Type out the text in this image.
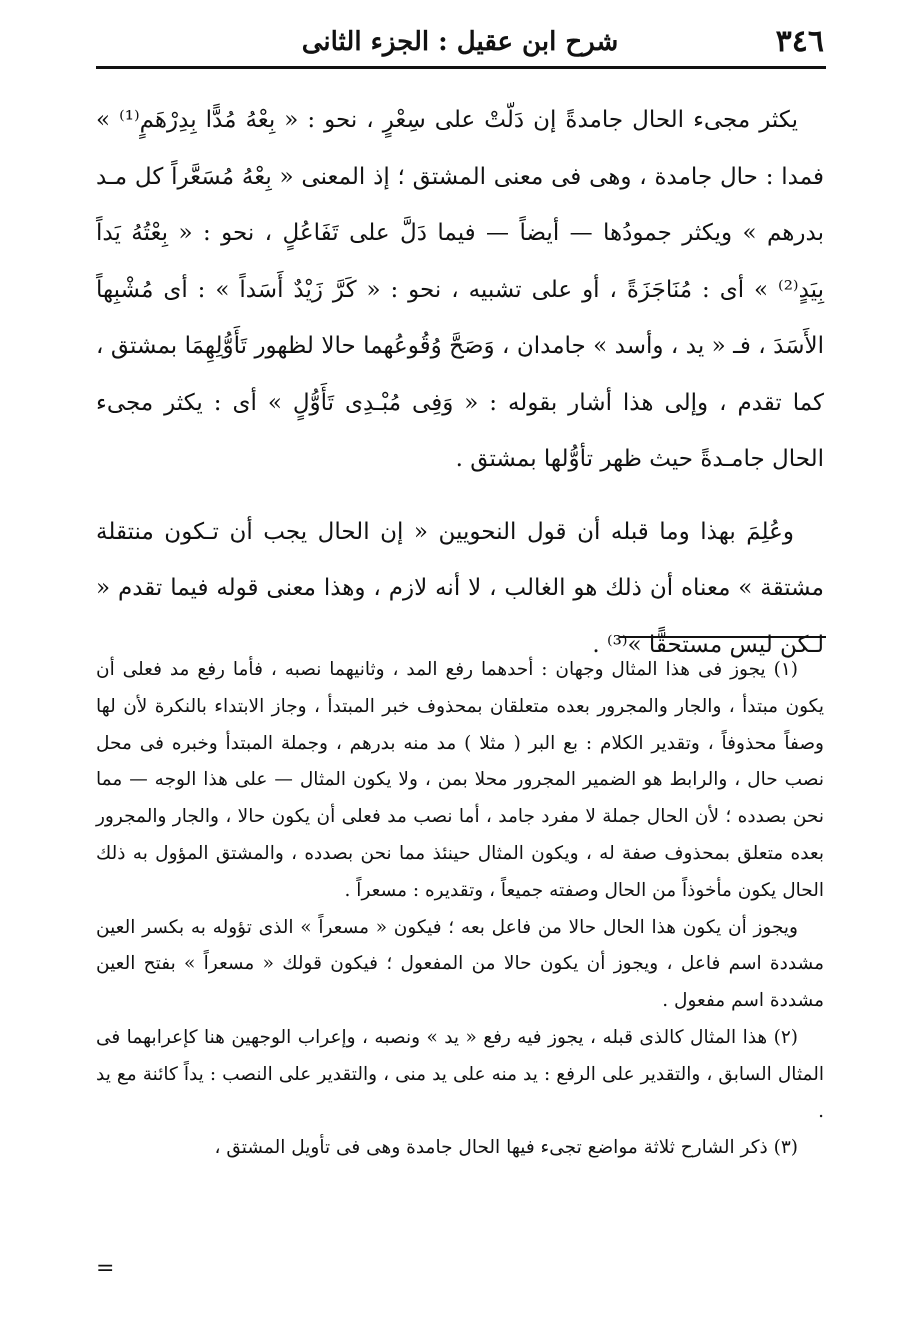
٣٤٦
شرح ابن عقيل : الجزء الثانى

يكثر مجىء الحال جامدةً إن دَلّتْ على سِعْرٍ ، نحو : « بِعْهُ مُدًّا بِدِرْهَمٍ⁽¹⁾ » فمدا : حال جامدة ، وهى فى معنى المشتق ؛ إذ المعنى « بِعْهُ مُسَعَّراً كل مـد بدرهم » ويكثر جمودُها — أيضاً — فيما دَلَّ على تَفَاعُلٍ ، نحو : « بِعْتُهُ يَداً بِيَدٍ⁽²⁾ » أى : مُنَاجَزَةً ، أو على تشبيه ، نحو : « كَرَّ زَيْدٌ أَسَداً » : أى مُشْبِهاً الأَسَدَ ، فـ « يد ، وأسد » جامدان ، وَصَحَّ وُقُوعُهما حالا لظهور تَأَوُّلِهِمَا بمشتق ، كما تقدم ، وإلى هذا أشار بقوله : « وَفِى مُبْـدِى تَأَوُّلٍ » أى : يكثر مجىء الحال جامـدةً حيث ظهر تأوُّلها بمشتق .

وعُلِمَ بهذا وما قبله أن قول النحويين « إن الحال يجب أن تـكون منتقلة مشتقة » معناه أن ذلك هو الغالب ، لا أنه لازم ، وهذا معنى قوله فيما تقدم « لـكن ليس مستحقًّا »⁽³⁾ .

(١) يجوز فى هذا المثال وجهان : أحدهما رفع المد ، وثانيهما نصبه ، فأما رفع مد فعلى أن يكون مبتدأ ، والجار والمجرور بعده متعلقان بمحذوف خبر المبتدأ ، وجاز الابتداء بالنكرة لأن لها وصفاً محذوفاً ، وتقدير الكلام : بع البر ( مثلا ) مد منه بدرهم ، وجملة المبتدأ وخبره فى محل نصب حال ، والرابط هو الضمير المجرور محلا بمن ، ولا يكون المثال — على هذا الوجه — مما نحن بصدده ؛ لأن الحال جملة لا مفرد جامد ، أما نصب مد فعلى أن يكون حالا ، والجار والمجرور بعده متعلق بمحذوف صفة له ، ويكون المثال حينئذ مما نحن بصدده ، والمشتق المؤول به ذلك الحال يكون مأخوذاً من الحال وصفته جميعاً ، وتقديره : مسعراً .

ويجوز أن يكون هذا الحال حالا من فاعل بعه ؛ فيكون « مسعراً » الذى تؤوله به بكسر العين مشددة اسم فاعل ، ويجوز أن يكون حالا من المفعول ؛ فيكون قولك « مسعراً » بفتح العين مشددة اسم مفعول .

(٢) هذا المثال كالذى قبله ، يجوز فيه رفع « يد » ونصبه ، وإعراب الوجهين هنا كإعرابهما فى المثال السابق ، والتقدير على الرفع : يد منه على يد منى ، والتقدير على النصب : يداً كائنة مع يد .

(٣) ذكر الشارح ثلاثة مواضع تجىء فيها الحال جامدة وهى فى تأويل المشتق ،

=
